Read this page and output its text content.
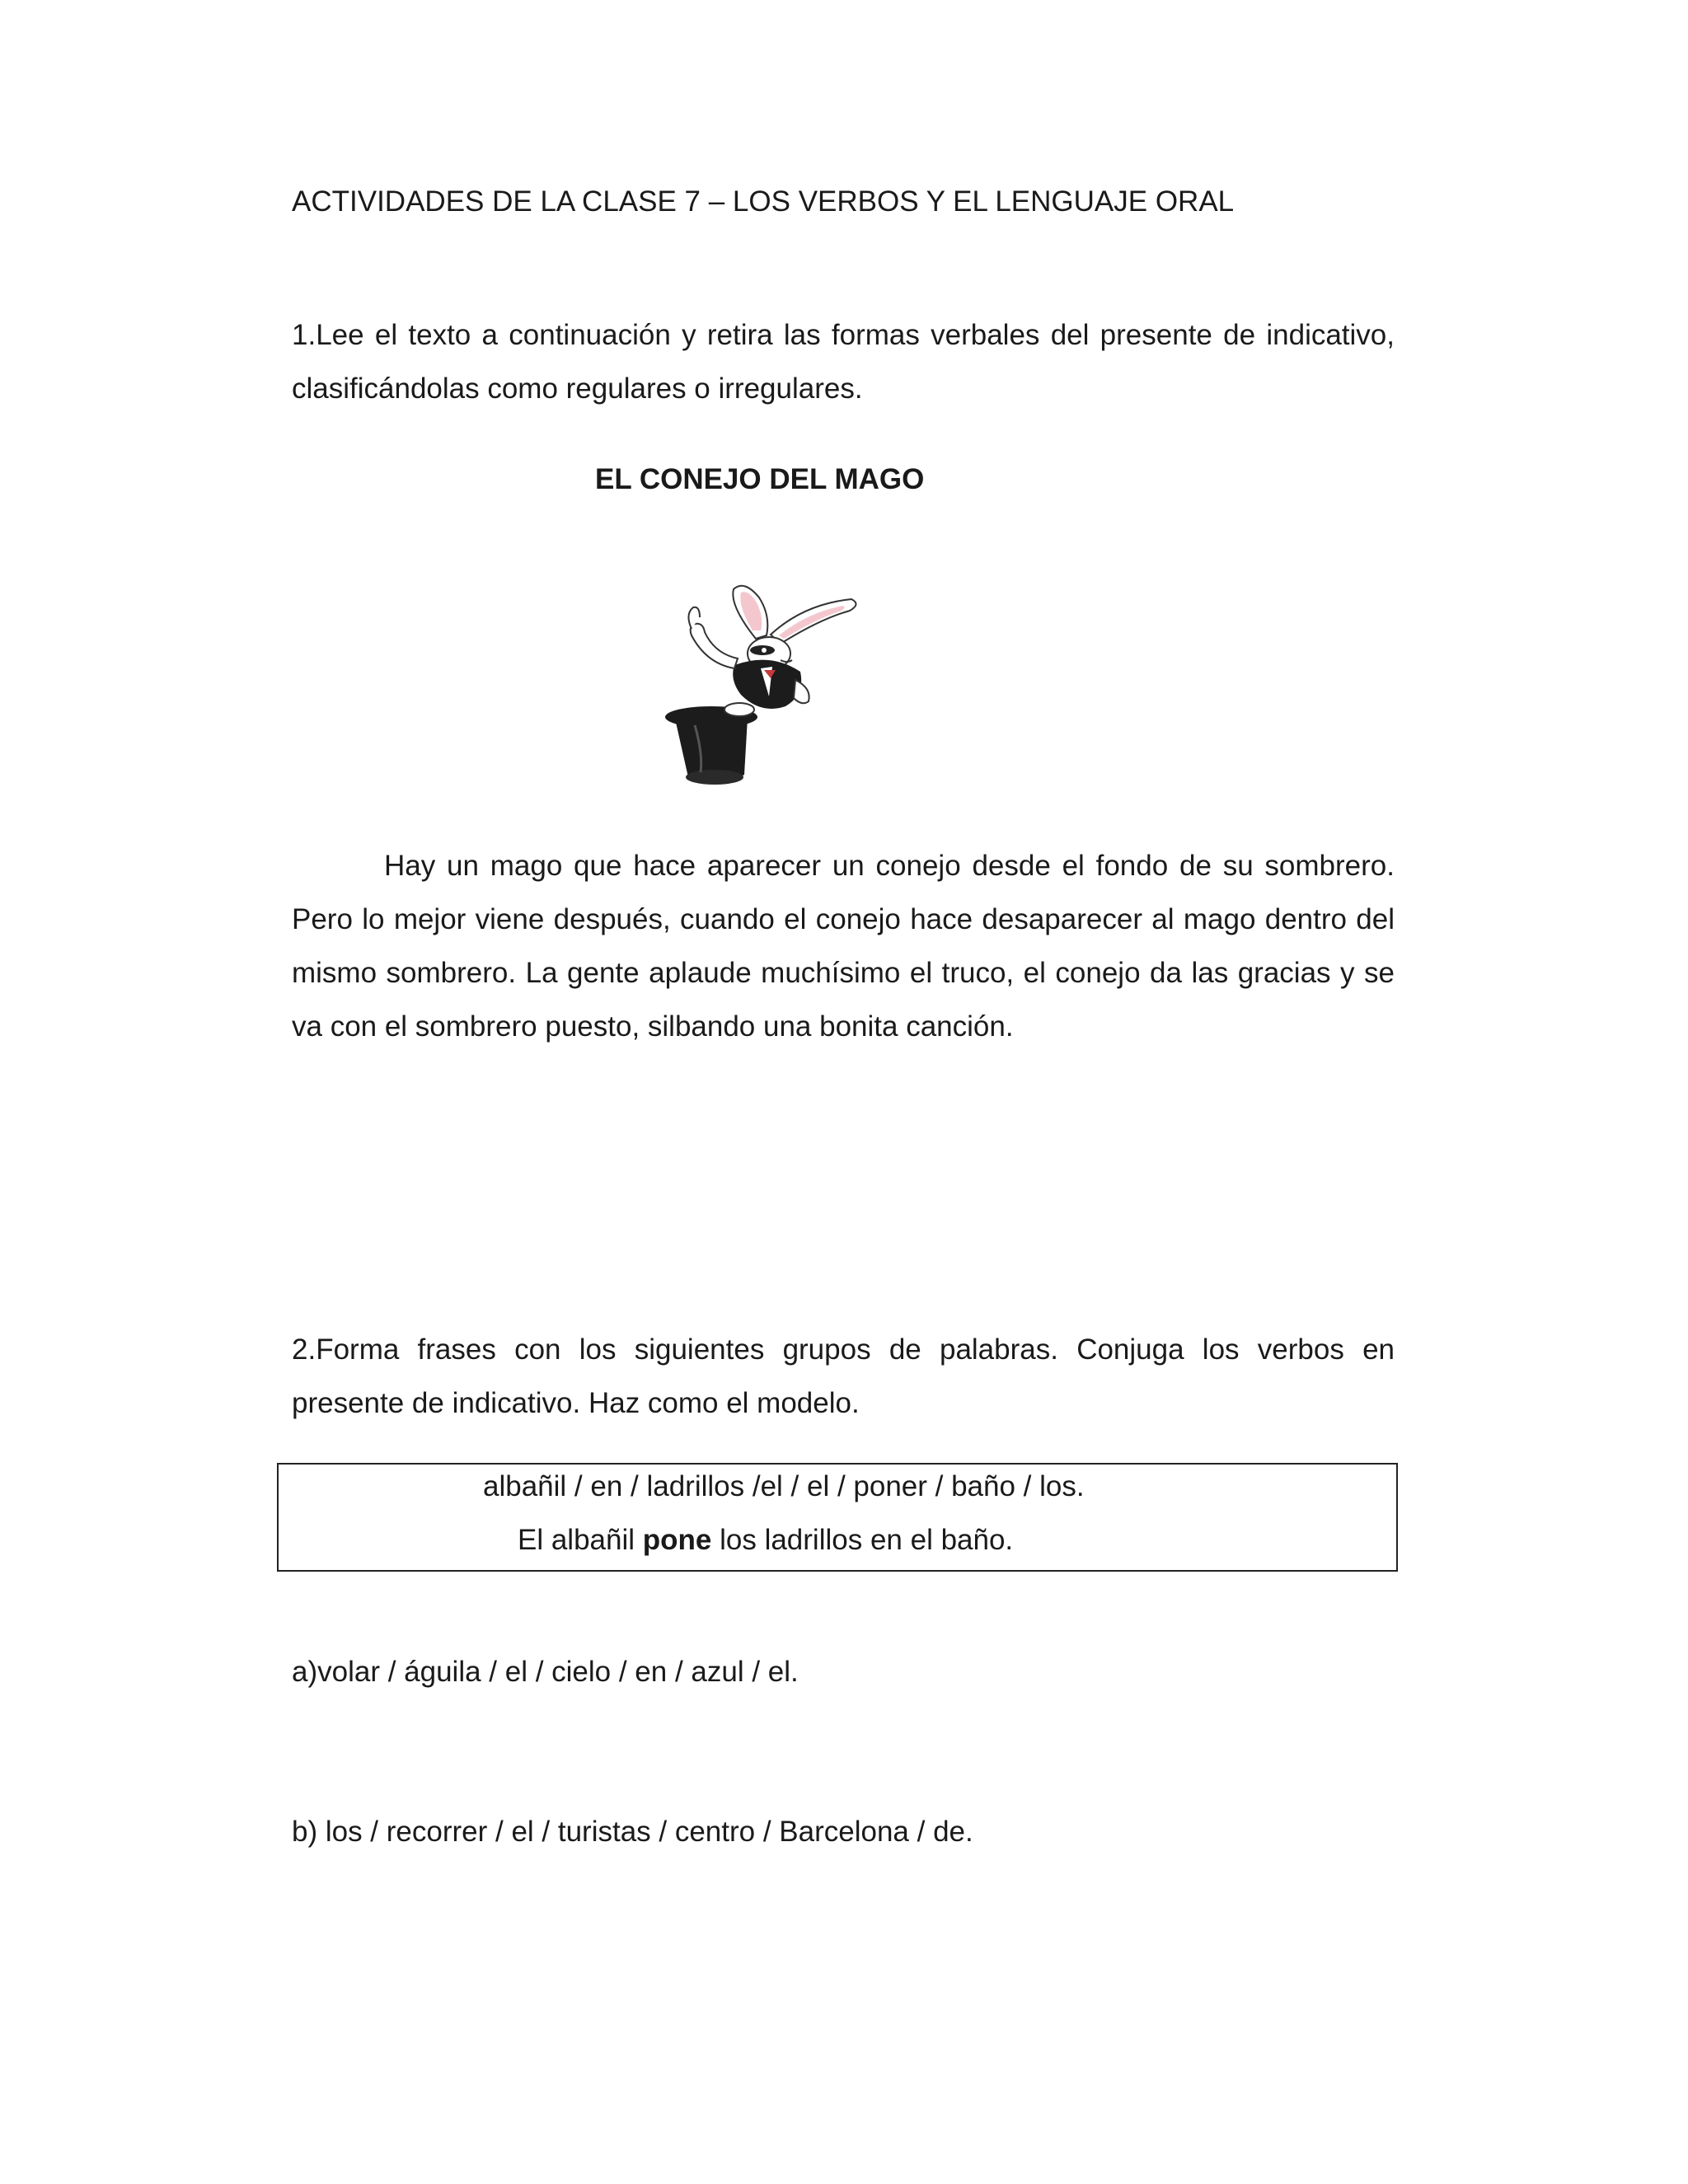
ACTIVIDADES DE LA CLASE 7 – LOS VERBOS Y EL LENGUAJE ORAL

1.Lee el texto a continuación y retira las formas verbales del presente de indicativo, clasificándolas como regulares o irregulares.

EL CONEJO DEL MAGO

Hay un mago que hace aparecer un conejo desde el fondo de su sombrero. Pero lo mejor viene después, cuando el conejo hace desaparecer al mago dentro del mismo sombrero. La gente aplaude muchísimo el truco, el conejo da las gracias y se va con el sombrero puesto, silbando una bonita canción.

2.Forma frases con los siguientes grupos de palabras. Conjuga los verbos en presente de indicativo. Haz como el modelo.

albañil / en / ladrillos /el / el / poner / baño / los.

El albañil pone los ladrillos en el baño.

a)volar / águila / el / cielo / en / azul / el.

b) los / recorrer / el / turistas / centro / Barcelona / de.
